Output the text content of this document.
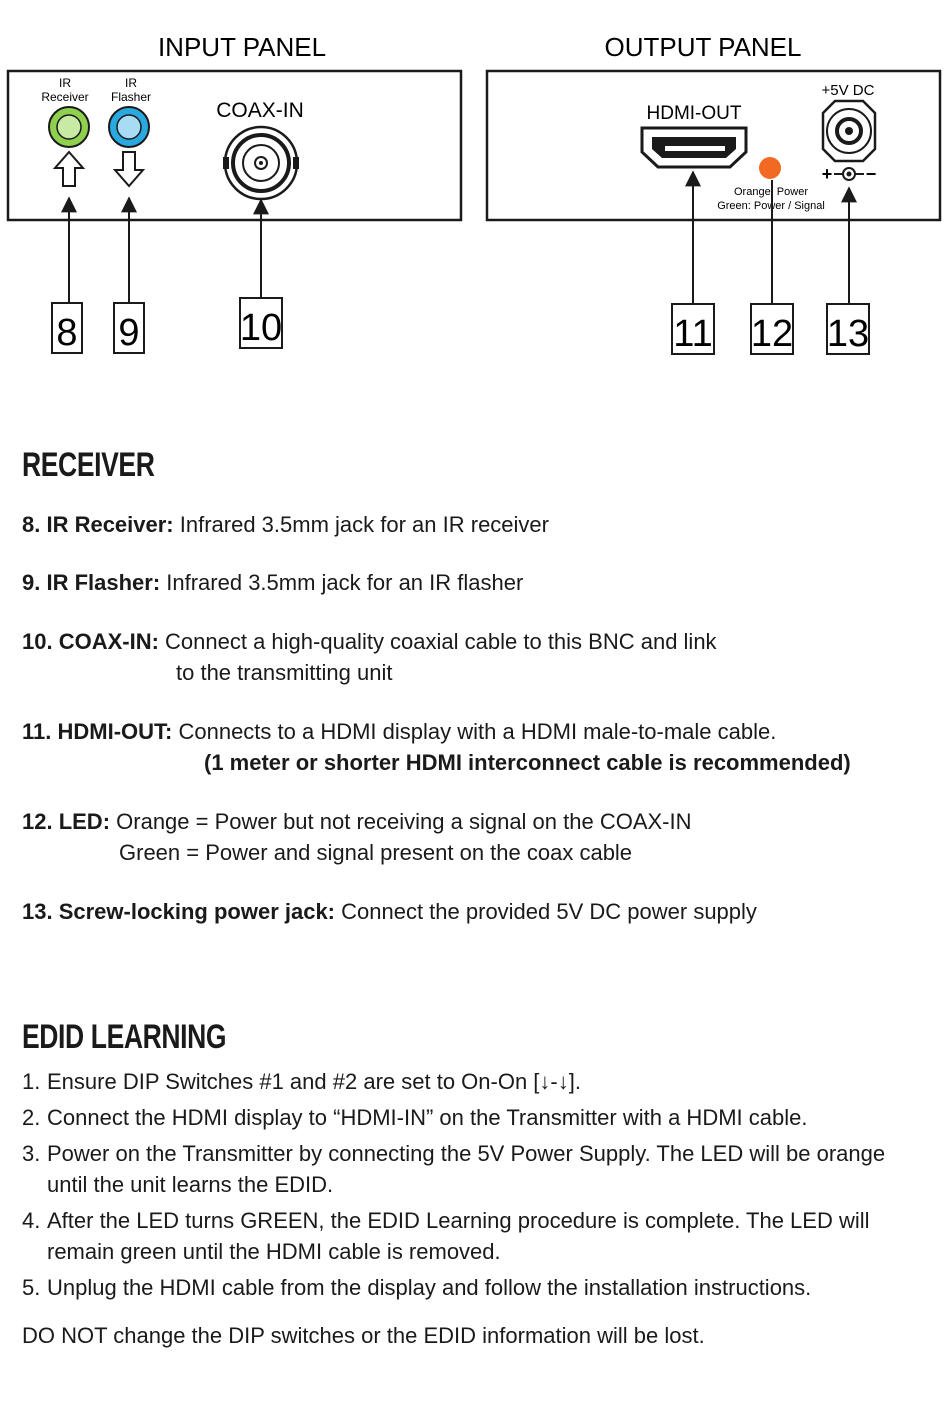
INPUT PANEL
IR
Receiver
IR
Flasher
COAX-IN
OUTPUT PANEL
HDMI-OUT
+5V DC
+ −
Orange: Power
Green: Power / Signal
8 9	10	11 12 13
RECEIVER

8. IR Receiver: Infrared 3.5mm jack for an IR receiver

9. IR Flasher: Infrared 3.5mm jack for an IR flasher

10. COAX-IN: Connect a high-quality coaxial cable to this BNC and link
to the transmitting unit

11. HDMI-OUT: Connects to a HDMI display with a HDMI male-to-male cable.
(1 meter or shorter HDMI interconnect cable is recommended)

12. LED: Orange = Power but not receiving a signal on the COAX-IN
Green = Power and signal present on the coax cable

13. Screw-locking power jack: Connect the provided 5V DC power supply

EDID LEARNING
1. Ensure DIP Switches #1 and #2 are set to On-On [↓-↓].
2. Connect the HDMI display to “HDMI-IN” on the Transmitter with a HDMI cable.
3. Power on the Transmitter by connecting the 5V Power Supply. The LED will be orange until the unit learns the EDID.
4. After the LED turns GREEN, the EDID Learning procedure is complete. The LED will remain green until the HDMI cable is removed.
5. Unplug the HDMI cable from the display and follow the installation instructions.

DO NOT change the DIP switches or the EDID information will be lost.
